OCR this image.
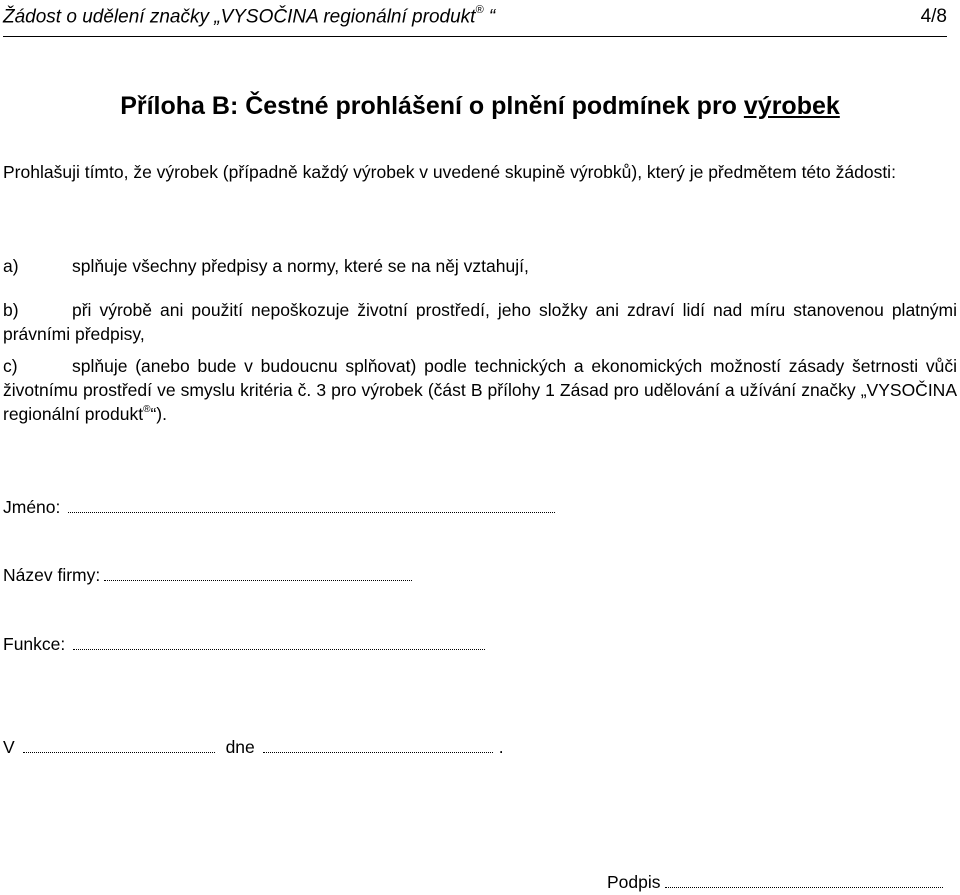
Žádost o udělení značky „VYSOČINA regionální produkt® “	4/8
Příloha B: Čestné prohlášení o plnění podmínek pro výrobek
Prohlašuji tímto, že výrobek (případně každý výrobek v uvedené skupině výrobků), který je předmětem této žádosti:
a)	splňuje všechny předpisy a normy, které se na něj vztahují,
b)	při výrobě ani použití nepoškozuje životní prostředí, jeho složky ani zdraví lidí nad míru stanovenou platnými právními předpisy,
c)	splňuje (anebo bude v budoucnu splňovat) podle technických a ekonomických možností zásady šetrnosti vůči životnímu prostředí ve smyslu kritéria č. 3 pro výrobek (část B přílohy 1 Zásad pro udělování a užívání značky „VYSOČINA regionální produkt®“).
Jméno:
Název firmy:
Funkce:
V	dne	.
Podpis
